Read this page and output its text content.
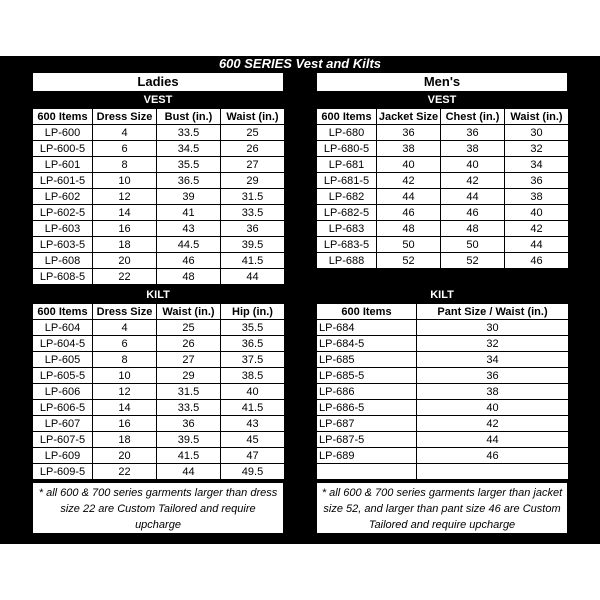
600 SERIES Vest and Kilts
Ladies
VEST
600 Items	Dress Size	Bust (in.)	Waist (in.)
LP-600	4	33.5	25
LP-600-5	6	34.5	26
LP-601	8	35.5	27
LP-601-5	10	36.5	29
LP-602	12	39	31.5
LP-602-5	14	41	33.5
LP-603	16	43	36
LP-603-5	18	44.5	39.5
LP-608	20	46	41.5
LP-608-5	22	48	44
KILT
600 Items	Dress Size	Waist (in.)	Hip (in.)
LP-604	4	25	35.5
LP-604-5	6	26	36.5
LP-605	8	27	37.5
LP-605-5	10	29	38.5
LP-606	12	31.5	40
LP-606-5	14	33.5	41.5
LP-607	16	36	43
LP-607-5	18	39.5	45
LP-609	20	41.5	47
LP-609-5	22	44	49.5
* all 600 & 700 series garments larger than dress size 22 are Custom Tailored and require upcharge
Men's
VEST
600 Items	Jacket Size	Chest (in.)	Waist (in.)
LP-680	36	36	30
LP-680-5	38	38	32
LP-681	40	40	34
LP-681-5	42	42	36
LP-682	44	44	38
LP-682-5	46	46	40
LP-683	48	48	42
LP-683-5	50	50	44
LP-688	52	52	46

KILT
600 Items	Pant Size / Waist (in.)
LP-684	30
LP-684-5	32
LP-685	34
LP-685-5	36
LP-686	38
LP-686-5	40
LP-687	42
LP-687-5	44
LP-689	46

* all 600 & 700 series garments larger than jacket size 52, and larger than pant size 46 are Custom Tailored and require upcharge
